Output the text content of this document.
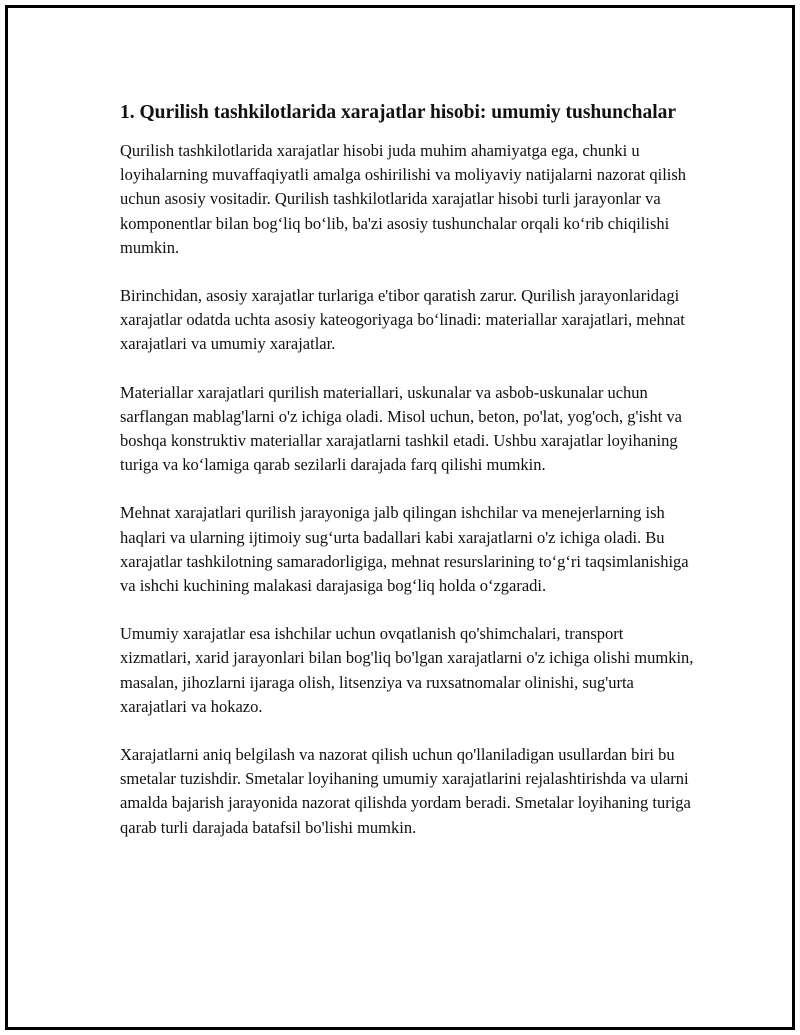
1. Qurilish tashkilotlarida xarajatlar hisobi: umumiy tushunchalar

Qurilish tashkilotlarida xarajatlar hisobi juda muhim ahamiyatga ega, chunki u loyihalarning muvaffaqiyatli amalga oshirilishi va moliyaviy natijalarni nazorat qilish uchun asosiy vositadir. Qurilish tashkilotlarida xarajatlar hisobi turli jarayonlar va komponentlar bilan bog‘liq bo‘lib, ba'zi asosiy tushunchalar orqali ko‘rib chiqilishi mumkin.

Birinchidan, asosiy xarajatlar turlariga e'tibor qaratish zarur. Qurilish jarayonlaridagi xarajatlar odatda uchta asosiy kateogoriyaga bo‘linadi: materiallar xarajatlari, mehnat xarajatlari va umumiy xarajatlar.

Materiallar xarajatlari qurilish materiallari, uskunalar va asbob-uskunalar uchun sarflangan mablag'larni o'z ichiga oladi. Misol uchun, beton, po'lat, yog'och, g'isht va boshqa konstruktiv materiallar xarajatlarni tashkil etadi. Ushbu xarajatlar loyihaning turiga va ko‘lamiga qarab sezilarli darajada farq qilishi mumkin.

Mehnat xarajatlari qurilish jarayoniga jalb qilingan ishchilar va menejerlarning ish haqlari va ularning ijtimoiy sug‘urta badallari kabi xarajatlarni o'z ichiga oladi. Bu xarajatlar tashkilotning samaradorligiga, mehnat resurslarining to‘g‘ri taqsimlanishiga va ishchi kuchining malakasi darajasiga bog‘liq holda o‘zgaradi.

Umumiy xarajatlar esa ishchilar uchun ovqatlanish qo'shimchalari, transport xizmatlari, xarid jarayonlari bilan bog'liq bo'lgan xarajatlarni o'z ichiga olishi mumkin, masalan, jihozlarni ijaraga olish, litsenziya va ruxsatnomalar olinishi, sug'urta xarajatlari va hokazo.

Xarajatlarni aniq belgilash va nazorat qilish uchun qo'llaniladigan usullardan biri bu smetalar tuzishdir. Smetalar loyihaning umumiy xarajatlarini rejalashtirishda va ularni amalda bajarish jarayonida nazorat qilishda yordam beradi. Smetalar loyihaning turiga qarab turli darajada batafsil bo'lishi mumkin.
